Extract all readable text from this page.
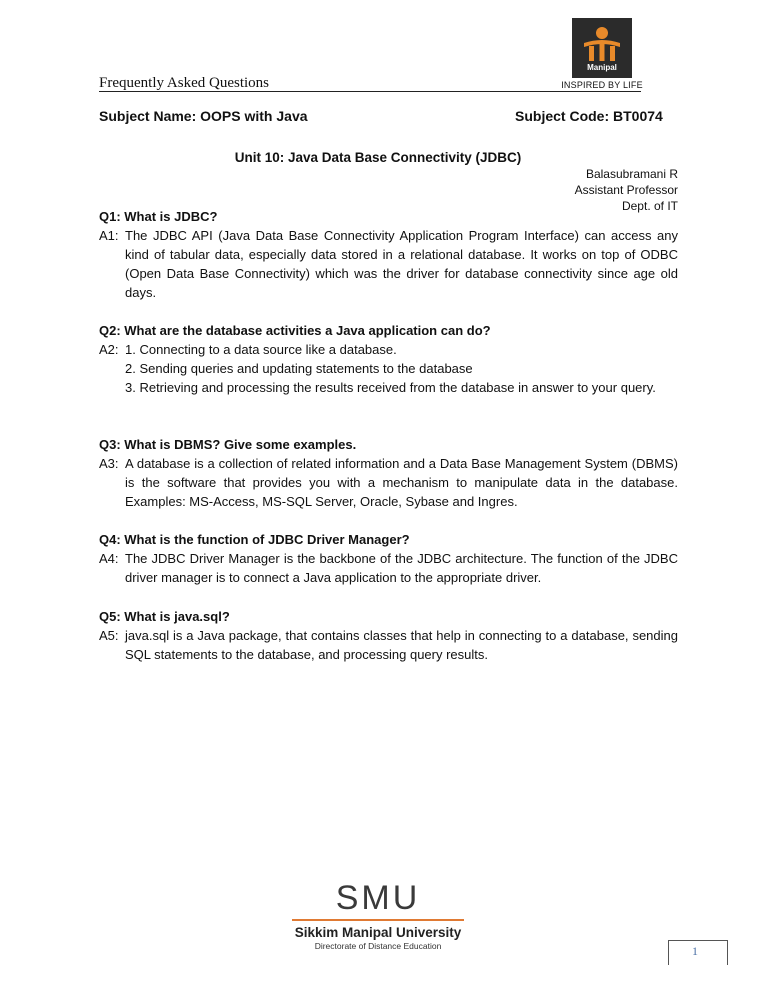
Manipal
INSPIRED BY LIFE
Frequently Asked Questions
Subject Name: OOPS with Java	Subject Code: BT0074
Unit 10: Java Data Base Connectivity (JDBC)
Balasubramani R
Assistant Professor
Dept. of IT

Q1: What is JDBC?

A1: The JDBC API (Java Data Base Connectivity Application Program Interface) can access any kind of tabular data, especially data stored in a relational database. It works on top of ODBC (Open Data Base Connectivity) which was the driver for database connectivity since age old days.

Q2: What are the database activities a Java application can do?

A2: 1. Connecting to a data source like a database.

2. Sending queries and updating statements to the database

3. Retrieving and processing the results received from the database in answer to your query.

Q3: What is DBMS? Give some examples.

A3: A database is a collection of related information and a Data Base Management System (DBMS) is the software that provides you with a mechanism to manipulate data in the database. Examples: MS-Access, MS-SQL Server, Oracle, Sybase and Ingres.

Q4: What is the function of JDBC Driver Manager?

A4: The JDBC Driver Manager is the backbone of the JDBC architecture. The function of the JDBC driver manager is to connect a Java application to the appropriate driver.

Q5: What is java.sql?

A5: java.sql is a Java package, that contains classes that help in connecting to a database, sending SQL statements to the database, and processing query results.

SMU
Sikkim Manipal University
Directorate of Distance Education	1
